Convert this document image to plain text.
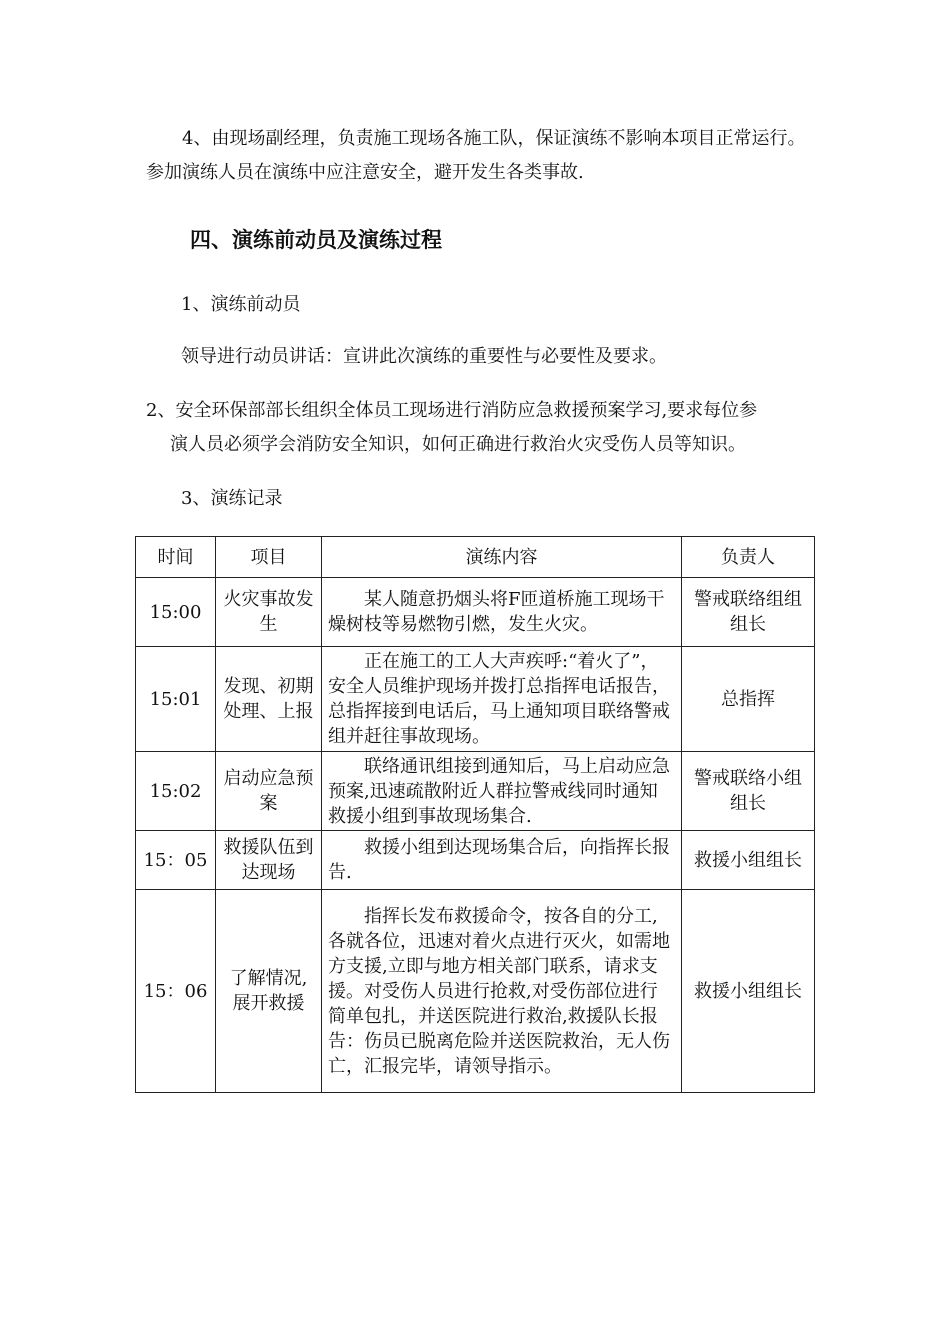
4、由现场副经理，负责施工现场各施工队，保证演练不影响本项目正常运行。参加演练人员在演练中应注意安全，避开发生各类事故.

四、演练前动员及演练过程

1、演练前动员

领导进行动员讲话：宣讲此次演练的重要性与必要性及要求。

2、安全环保部部长组织全体员工现场进行消防应急救援预案学习,要求每位参
演人员必须学会消防安全知识，如何正确进行救治火灾受伤人员等知识。

3、演练记录

时间	项目	演练内容	负责人
15:00	火灾事故发生	某人随意扔烟头将F匝道桥施工现场干燥树枝等易燃物引燃，发生火灾。	警戒联络组组组长
15:01	发现、初期处理、上报	正在施工的工人大声疾呼:“着火了”，安全人员维护现场并拨打总指挥电话报告，总指挥接到电话后，马上通知项目联络警戒组并赶往事故现场。	总指挥
15:02	启动应急预案	联络通讯组接到通知后，马上启动应急预案,迅速疏散附近人群拉警戒线同时通知救援小组到事故现场集合.	警戒联络小组组长
15：05	救援队伍到达现场	救援小组到达现场集合后，向指挥长报告.	救援小组组长
15：06	了解情况,展开救援	指挥长发布救援命令，按各自的分工,各就各位，迅速对着火点进行灭火，如需地方支援,立即与地方相关部门联系，请求支援。对受伤人员进行抢救,对受伤部位进行简单包扎，并送医院进行救治,救援队长报告：伤员已脱离危险并送医院救治，无人伤亡，汇报完毕，请领导指示。	救援小组组长
